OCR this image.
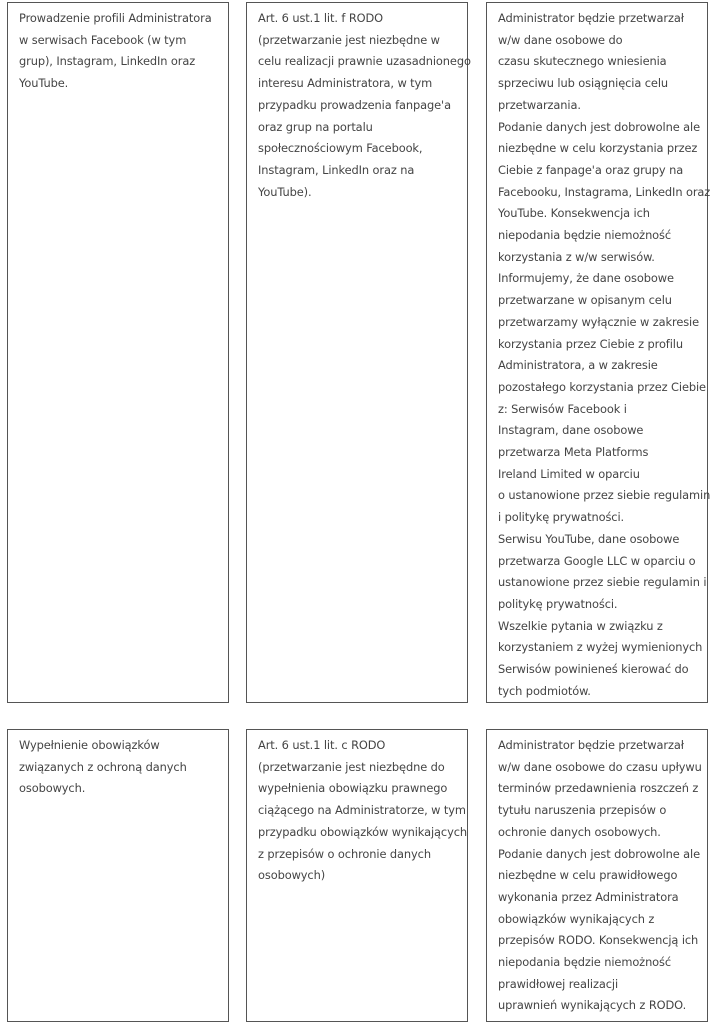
Prowadzenie profili Administratora
w serwisach Facebook (w tym
grup), Instagram, LinkedIn oraz
YouTube.
Art. 6 ust.1 lit. f RODO
(przetwarzanie jest niezbędne w
celu realizacji prawnie uzasadnionego
interesu Administratora, w tym
przypadku prowadzenia fanpage'a
oraz grup na portalu
społecznościowym Facebook,
Instagram, LinkedIn oraz na
YouTube).
Administrator będzie przetwarzał
w/w dane osobowe do
czasu skutecznego wniesienia
sprzeciwu lub osiągnięcia celu
przetwarzania.
Podanie danych jest dobrowolne ale
niezbędne w celu korzystania przez
Ciebie z fanpage'a oraz grupy na
Facebooku, Instagrama, LinkedIn oraz
YouTube. Konsekwencja ich
niepodania będzie niemożność
korzystania z w/w serwisów.
Informujemy, że dane osobowe
przetwarzane w opisanym celu
przetwarzamy wyłącznie w zakresie
korzystania przez Ciebie z profilu
Administratora, a w zakresie
pozostałego korzystania przez Ciebie
z: Serwisów Facebook i
Instagram, dane osobowe
przetwarza Meta Platforms
Ireland Limited w oparciu
o ustanowione przez siebie regulamin
i politykę prywatności.
Serwisu YouTube, dane osobowe
przetwarza Google LLC w oparciu o
ustanowione przez siebie regulamin i
politykę prywatności.
Wszelkie pytania w związku z
korzystaniem z wyżej wymienionych
Serwisów powinieneś kierować do
tych podmiotów.
Wypełnienie obowiązków
związanych z ochroną danych
osobowych.
Art. 6 ust.1 lit. c RODO
(przetwarzanie jest niezbędne do
wypełnienia obowiązku prawnego
ciążącego na Administratorze, w tym
przypadku obowiązków wynikających
z przepisów o ochronie danych
osobowych)
Administrator będzie przetwarzał
w/w dane osobowe do czasu upływu
terminów przedawnienia roszczeń z
tytułu naruszenia przepisów o
ochronie danych osobowych.
Podanie danych jest dobrowolne ale
niezbędne w celu prawidłowego
wykonania przez Administratora
obowiązków wynikających z
przepisów RODO. Konsekwencją ich
niepodania będzie niemożność
prawidłowej realizacji
uprawnień wynikających z RODO.
